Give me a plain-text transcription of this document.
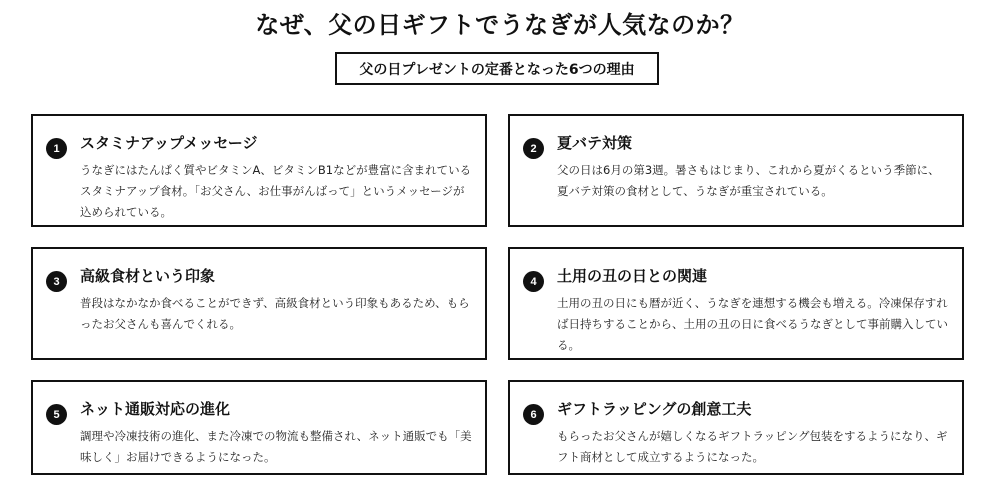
なぜ、父の日ギフトでうなぎが人気なのか？
父の日プレゼントの定番となった6つの理由
1	スタミナアップメッセージ
うなぎにはたんぱく質やビタミンA、ビタミンB1などが豊富に含まれているスタミナアップ食材。「お父さん、お仕事がんばって」というメッセージが込められている。
2	夏バテ対策
父の日は6月の第3週。暑さもはじまり、これから夏がくるという季節に、夏バテ対策の食材として、うなぎが重宝されている。
3	高級食材という印象
普段はなかなか食べることができず、高級食材という印象もあるため、もらったお父さんも喜んでくれる。
4	土用の丑の日との関連
土用の丑の日にも暦が近く、うなぎを連想する機会も増える。冷凍保存すれば日持ちすることから、土用の丑の日に食べるうなぎとして事前購入している。
5	ネット通販対応の進化
調理や冷凍技術の進化、また冷凍での物流も整備され、ネット通販でも「美味しく」お届けできるようになった。
6	ギフトラッピングの創意工夫
もらったお父さんが嬉しくなるギフトラッピング包装をするようになり、ギフト商材として成立するようになった。
